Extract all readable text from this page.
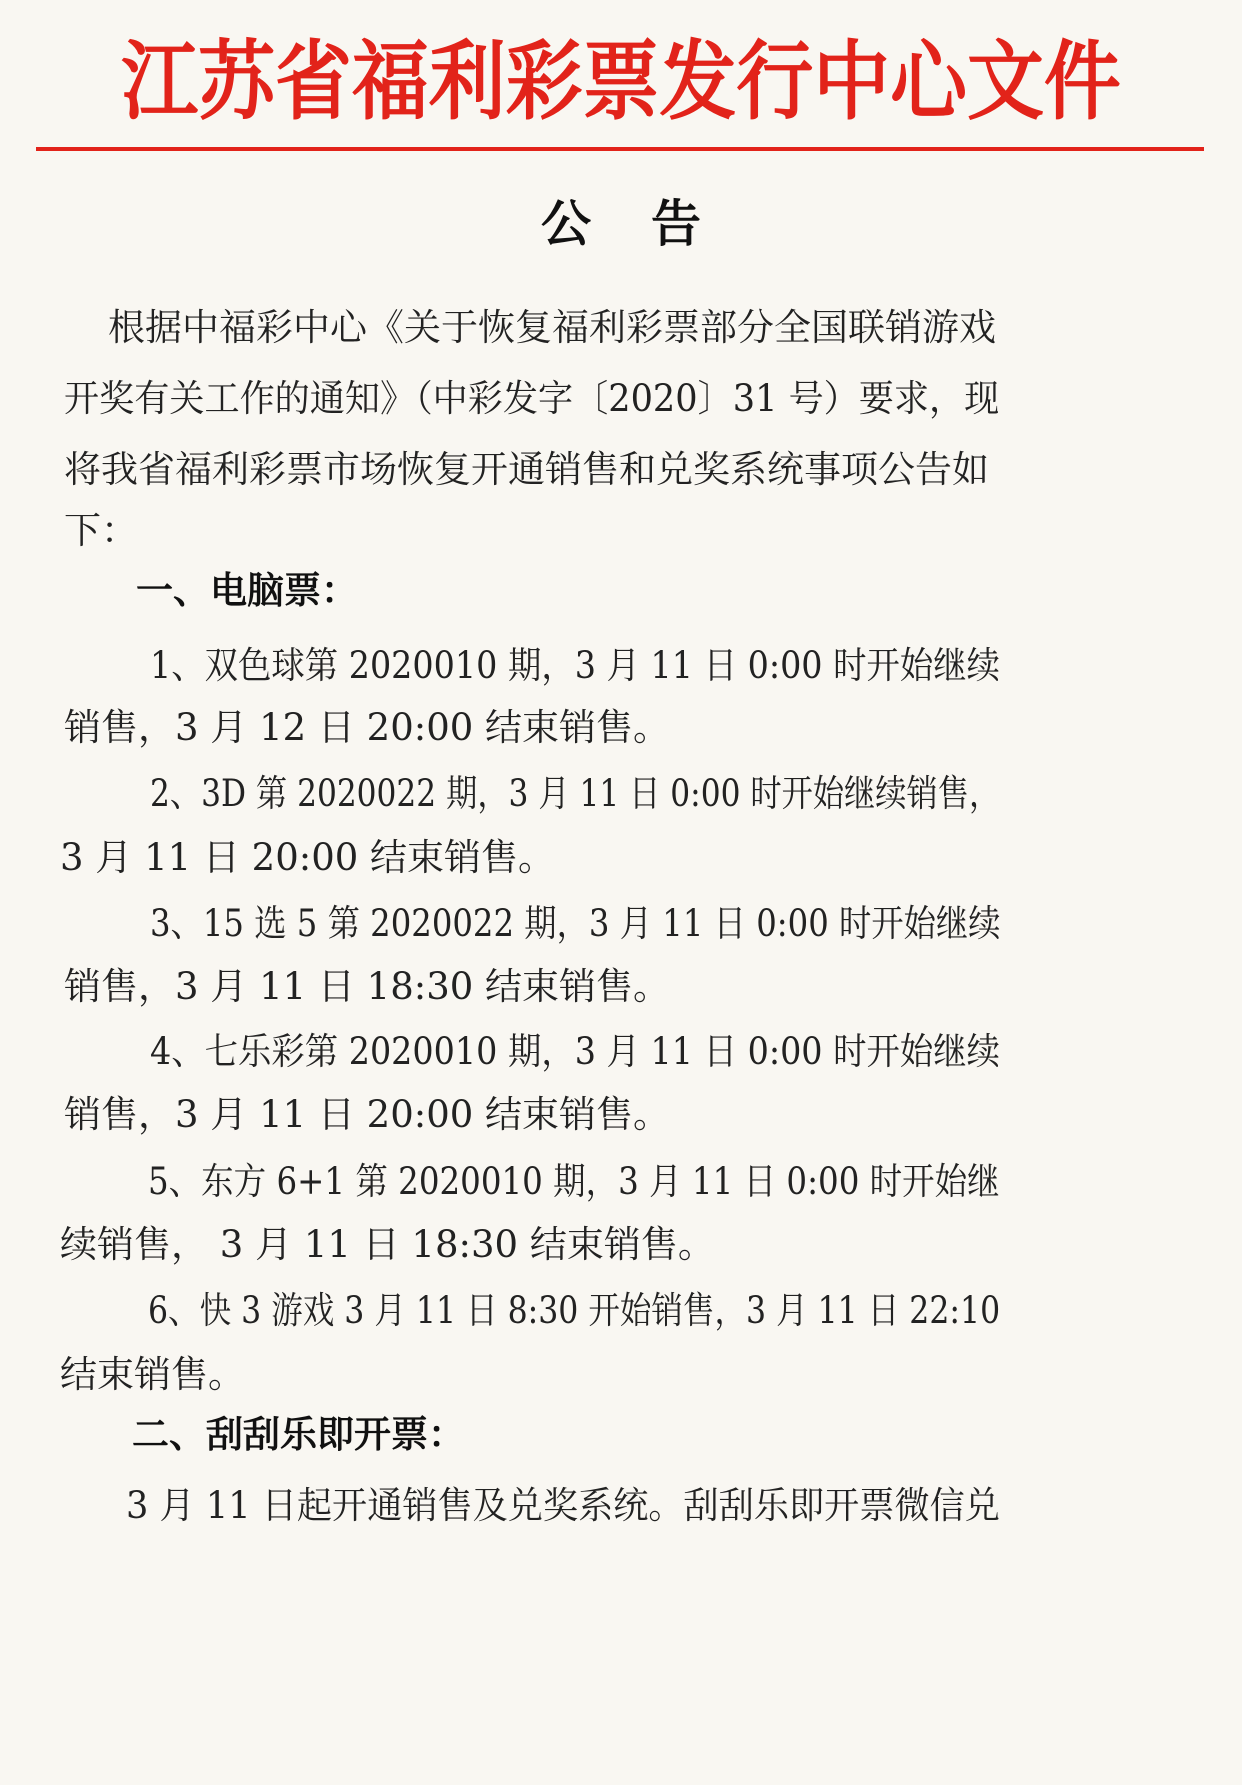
江苏省福利彩票发行中心文件
公告

根据中福彩中心《关于恢复福利彩票部分全国联销游戏

开奖有关工作的通知》（中彩发字〔2020〕31 号）要求，现

将我省福利彩票市场恢复开通销售和兑奖系统事项公告如

下：

一、电脑票：

1、双色球第 2020010 期，3 月 11 日 0:00 时开始继续

销售，3 月 12 日 20:00 结束销售。

2、3D 第 2020022 期，3 月 11 日 0:00 时开始继续销售，

3 月 11 日 20:00 结束销售。

3、15 选 5 第 2020022 期，3 月 11 日 0:00 时开始继续

销售，3 月 11 日 18:30 结束销售。

4、七乐彩第 2020010 期，3 月 11 日 0:00 时开始继续

销售，3 月 11 日 20:00 结束销售。

5、东方 6+1 第 2020010 期，3 月 11 日 0:00 时开始继

续销售， 3 月 11 日 18:30 结束销售。

6、快 3 游戏 3 月 11 日 8:30 开始销售，3 月 11 日 22:10

结束销售。

二、刮刮乐即开票：

3 月 11 日起开通销售及兑奖系统。刮刮乐即开票微信兑
